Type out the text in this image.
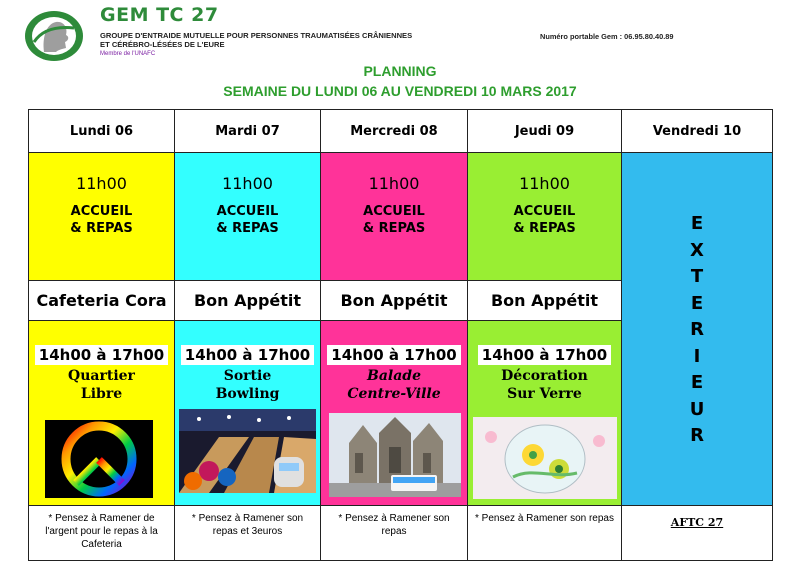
GEM TC 27
GROUPE D'ENTRAIDE MUTUELLE POUR PERSONNES TRAUMATISÉES CRÂNIENNES
ET CÉRÉBRO-LÉSÉES DE L'EURE
Membre de l'UNAFC
Numéro portable Gem : 06.95.80.40.89
PLANNING
SEMAINE DU LUNDI 06 AU VENDREDI 10 MARS 2017
Lundi 06
11h00
ACCUEIL
& REPAS
Cafeteria Cora
14h00 à 17h00
Quartier
Libre
* Pensez à Ramener de l'argent pour le repas à la Cafeteria
Mardi 07
11h00
ACCUEIL
& REPAS
Bon Appétit
14h00 à 17h00
Sortie
Bowling
* Pensez à Ramener son repas et 3euros
Mercredi 08
11h00
ACCUEIL
& REPAS
Bon Appétit
14h00 à 17h00
Balade
Centre-Ville
* Pensez à Ramener son repas
Jeudi 09
11h00
ACCUEIL
& REPAS
Bon Appétit
14h00 à 17h00
Décoration
Sur Verre
* Pensez à Ramener son repas
Vendredi 10
E
X
T
E
R
I
E
U
R
AFTC 27
